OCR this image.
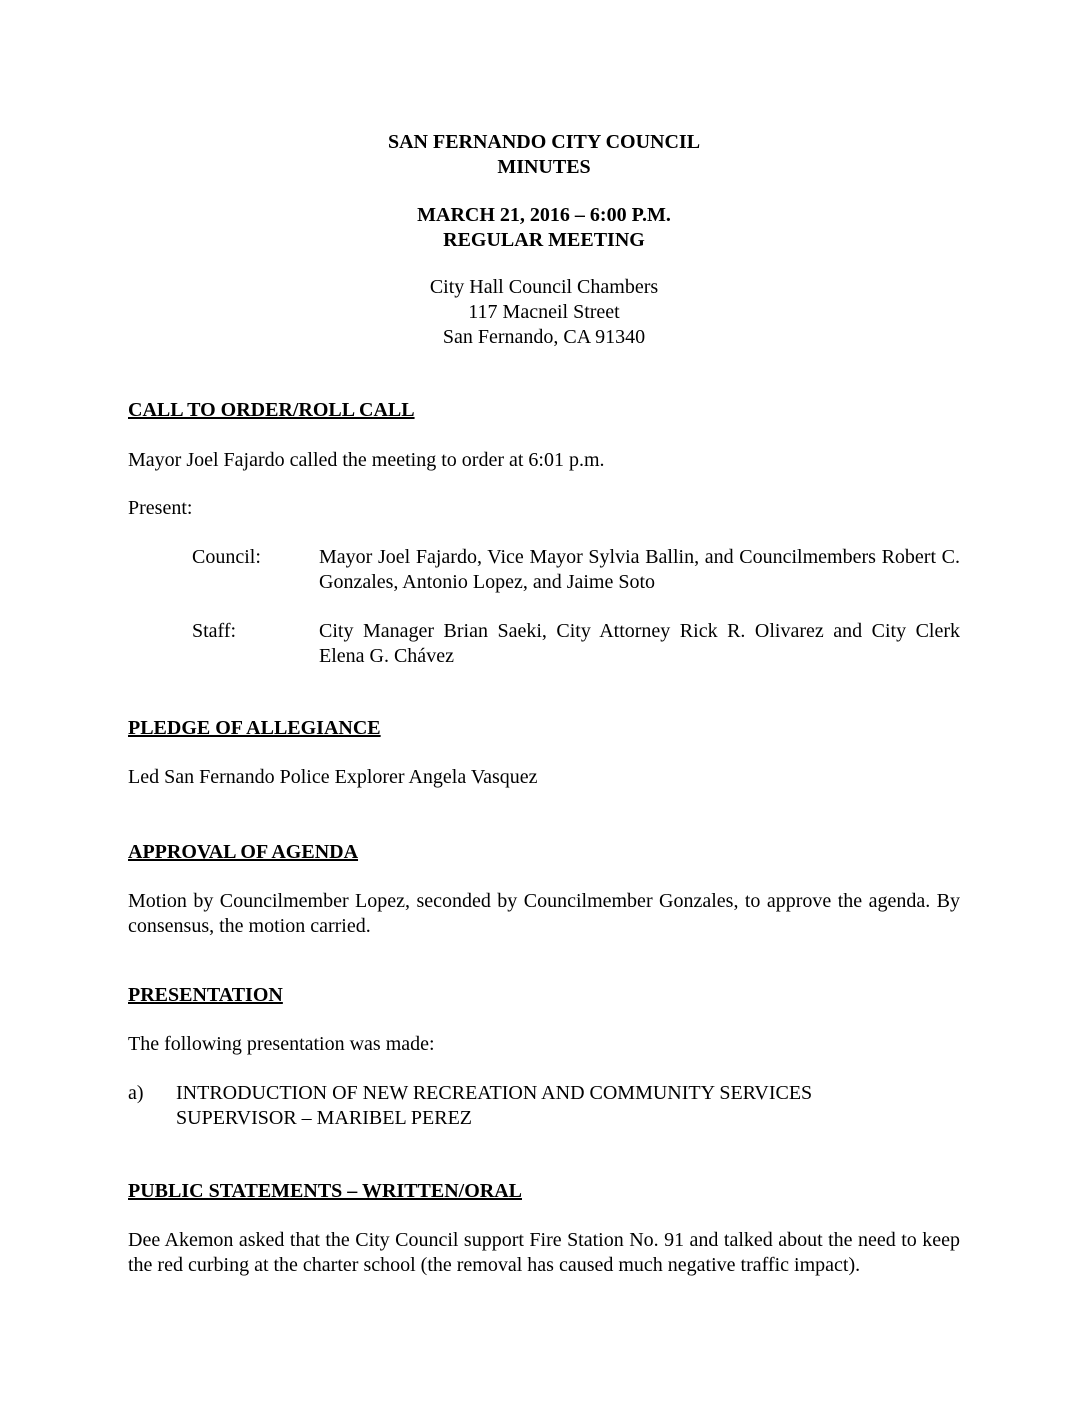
SAN FERNANDO CITY COUNCIL
MINUTES
MARCH 21, 2016 – 6:00 P.M.
REGULAR MEETING
City Hall Council Chambers
117 Macneil Street
San Fernando, CA 91340
CALL TO ORDER/ROLL CALL
Mayor Joel Fajardo called the meeting to order at 6:01 p.m.
Present:
Council:	Mayor Joel Fajardo, Vice Mayor Sylvia Ballin, and Councilmembers Robert C. Gonzales, Antonio Lopez, and Jaime Soto
Staff:	City Manager Brian Saeki, City Attorney Rick R. Olivarez and City Clerk Elena G. Chávez
PLEDGE OF ALLEGIANCE
Led San Fernando Police Explorer Angela Vasquez
APPROVAL OF AGENDA
Motion by Councilmember Lopez, seconded by Councilmember Gonzales, to approve the agenda. By consensus, the motion carried.
PRESENTATION
The following presentation was made:
a) INTRODUCTION OF NEW RECREATION AND COMMUNITY SERVICES
SUPERVISOR – MARIBEL PEREZ
PUBLIC STATEMENTS – WRITTEN/ORAL
Dee Akemon asked that the City Council support Fire Station No. 91 and talked about the need to keep the red curbing at the charter school (the removal has caused much negative traffic impact).
